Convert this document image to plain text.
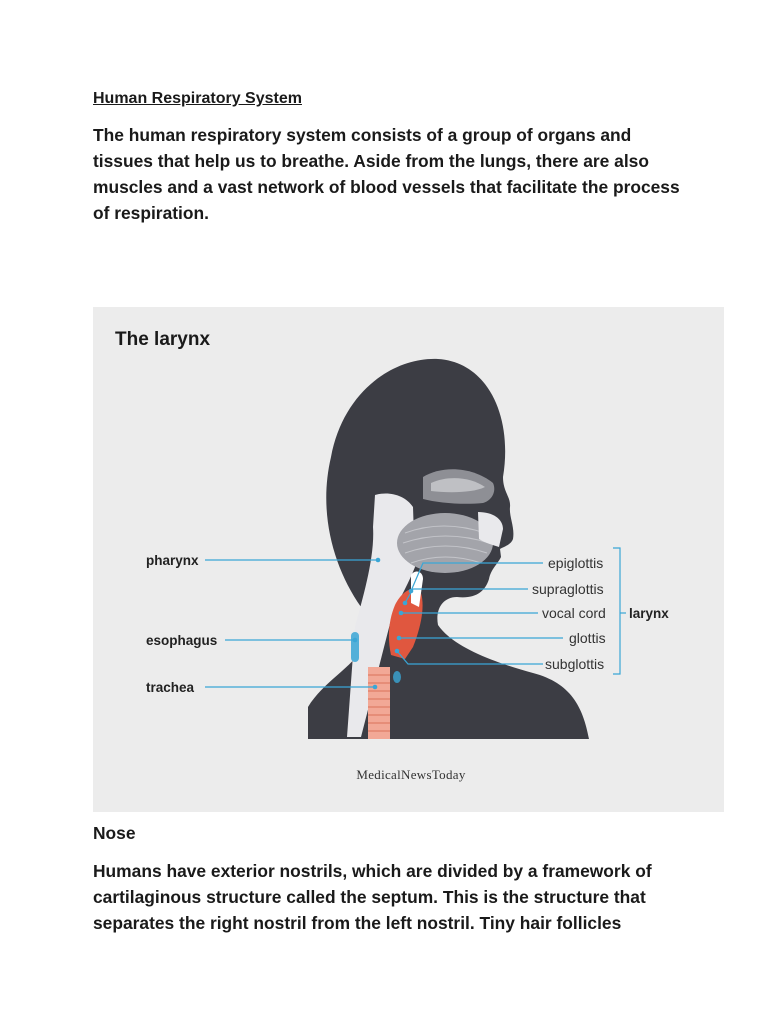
Human Respiratory System

The human respiratory system consists of a group of organs and tissues that help us to breathe. Aside from the lungs, there are also muscles and a vast network of blood vessels that facilitate the process of respiration.

The larynx
pharynx
esophagus
trachea
epiglottis
supraglottis
vocal cord
glottis
subglottis
larynx
MedicalNewsToday

Nose

Humans have exterior nostrils, which are divided by a framework of cartilaginous structure called the septum. This is the structure that separates the right nostril from the left nostril. Tiny hair follicles
